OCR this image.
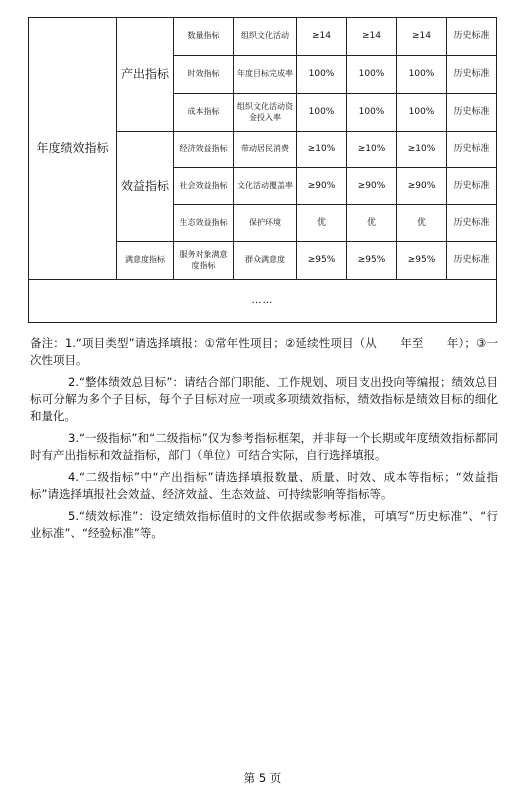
年度绩效指标	产出指标	数量指标	组织文化活动	≥14	≥14	≥14	历史标准
		时效指标	年度目标完成率	100%	100%	100%	历史标准
		成本指标	组织文化活动资金投入率	100%	100%	100%	历史标准
	效益指标	经济效益指标	带动居民消费	≥10%	≥10%	≥10%	历史标准
		社会效益指标	文化活动覆盖率	≥90%	≥90%	≥90%	历史标准
		生态效益指标	保护环境	优	优	优	历史标准
	满意度指标	服务对象满意度指标	群众满意度	≥95%	≥95%	≥95%	历史标准
……							

备注：1.“项目类型”请选择填报：①常年性项目；②延续性项目（从　　年至　　年）；③一次性项目。

2.“整体绩效总目标”：请结合部门职能、工作规划、项目支出投向等编报；绩效总目标可分解为多个子目标，每个子目标对应一项或多项绩效指标，绩效指标是绩效目标的细化和量化。

3.“一级指标”和“二级指标”仅为参考指标框架，并非每一个长期或年度绩效指标都同时有产出指标和效益指标，部门（单位）可结合实际，自行选择填报。

4.“二级指标”中“产出指标”请选择填报数量、质量、时效、成本等指标；“效益指标”请选择填报社会效益、经济效益、生态效益、可持续影响等指标等。

5.“绩效标准”：设定绩效指标值时的文件依据或参考标准，可填写“历史标准”、“行业标准”、“经验标准”等。

第 5 页
